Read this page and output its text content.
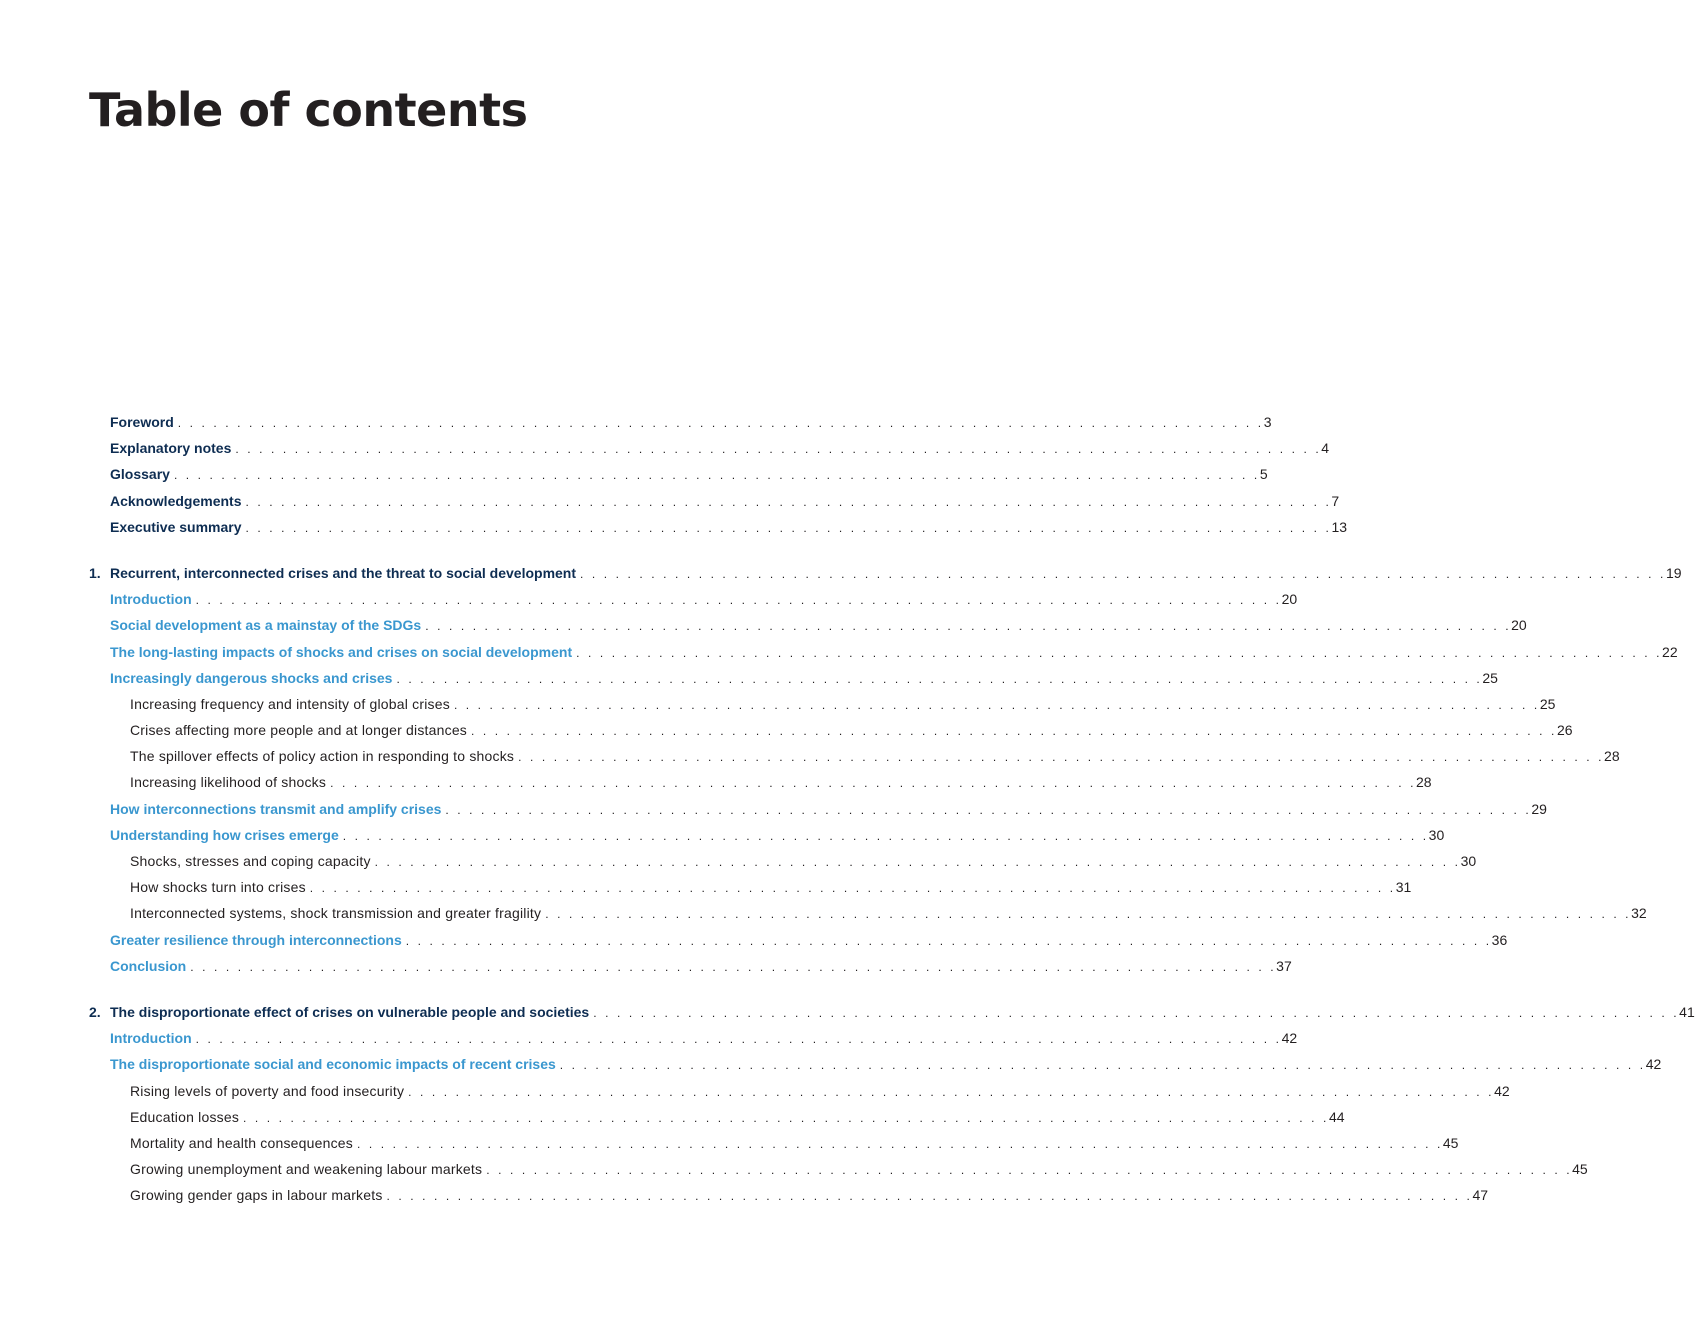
Table of contents
Foreword . . . . . . . . . . . . . . . . . . . . . . . . . . . . . . . . . . . . . . . . . . . . . . . . . . . . . . . . . . . . . . . . . . . . . . . . . . . . . . . . . . . . . . . . . . . . 3
Explanatory notes . . . . . . . . . . . . . . . . . . . . . . . . . . . . . . . . . . . . . . . . . . . . . . . . . . . . . . . . . . . . . . . . . . . . . . . . . . . . . . . . . . . . . . . . . . . . 4
Glossary . . . . . . . . . . . . . . . . . . . . . . . . . . . . . . . . . . . . . . . . . . . . . . . . . . . . . . . . . . . . . . . . . . . . . . . . . . . . . . . . . . . . . . . . . . . . 5
Acknowledgements . . . . . . . . . . . . . . . . . . . . . . . . . . . . . . . . . . . . . . . . . . . . . . . . . . . . . . . . . . . . . . . . . . . . . . . . . . . . . . . . . . . . . . . . . . . . 7
Executive summary . . . . . . . . . . . . . . . . . . . . . . . . . . . . . . . . . . . . . . . . . . . . . . . . . . . . . . . . . . . . . . . . . . . . . . . . . . . . . . . . . . . . . . . . . . . . 13
1. Recurrent, interconnected crises and the threat to social development . . . . . . . . . . . . . . . . . . . . . . . . . . . . . . . . . . . . . . . . . . . . . . . . . . . . . . . . . . . . . . . . . . . . . . . . . . . . . . . . . . . . . . . . . . . . 19
Introduction . . . . . . . . . . . . . . . . . . . . . . . . . . . . . . . . . . . . . . . . . . . . . . . . . . . . . . . . . . . . . . . . . . . . . . . . . . . . . . . . . . . . . . . . . . . . 20
Social development as a mainstay of the SDGs . . . . . . . . . . . . . . . . . . . . . . . . . . . . . . . . . . . . . . . . . . . . . . . . . . . . . . . . . . . . . . . . . . . . . . . . . . . . . . . . . . . . . . . . . . . . 20
The long-lasting impacts of shocks and crises on social development . . . . . . . . . . . . . . . . . . . . . . . . . . . . . . . . . . . . . . . . . . . . . . . . . . . . . . . . . . . . . . . . . . . . . . . . . . . . . . . . . . . . . . . . . . . . 22
Increasingly dangerous shocks and crises . . . . . . . . . . . . . . . . . . . . . . . . . . . . . . . . . . . . . . . . . . . . . . . . . . . . . . . . . . . . . . . . . . . . . . . . . . . . . . . . . . . . . . . . . . . . 25
Increasing frequency and intensity of global crises . . . . . . . . . . . . . . . . . . . . . . . . . . . . . . . . . . . . . . . . . . . . . . . . . . . . . . . . . . . . . . . . . . . . . . . . . . . . . . . . . . . . . . . . . . . . 25
Crises affecting more people and at longer distances . . . . . . . . . . . . . . . . . . . . . . . . . . . . . . . . . . . . . . . . . . . . . . . . . . . . . . . . . . . . . . . . . . . . . . . . . . . . . . . . . . . . . . . . . . . . 26
The spillover effects of policy action in responding to shocks . . . . . . . . . . . . . . . . . . . . . . . . . . . . . . . . . . . . . . . . . . . . . . . . . . . . . . . . . . . . . . . . . . . . . . . . . . . . . . . . . . . . . . . . . . . . 28
Increasing likelihood of shocks . . . . . . . . . . . . . . . . . . . . . . . . . . . . . . . . . . . . . . . . . . . . . . . . . . . . . . . . . . . . . . . . . . . . . . . . . . . . . . . . . . . . . . . . . . . . 28
How interconnections transmit and amplify crises . . . . . . . . . . . . . . . . . . . . . . . . . . . . . . . . . . . . . . . . . . . . . . . . . . . . . . . . . . . . . . . . . . . . . . . . . . . . . . . . . . . . . . . . . . . . 29
Understanding how crises emerge . . . . . . . . . . . . . . . . . . . . . . . . . . . . . . . . . . . . . . . . . . . . . . . . . . . . . . . . . . . . . . . . . . . . . . . . . . . . . . . . . . . . . . . . . . . . 30
Shocks, stresses and coping capacity . . . . . . . . . . . . . . . . . . . . . . . . . . . . . . . . . . . . . . . . . . . . . . . . . . . . . . . . . . . . . . . . . . . . . . . . . . . . . . . . . . . . . . . . . . . . 30
How shocks turn into crises . . . . . . . . . . . . . . . . . . . . . . . . . . . . . . . . . . . . . . . . . . . . . . . . . . . . . . . . . . . . . . . . . . . . . . . . . . . . . . . . . . . . . . . . . . . . 31
Interconnected systems, shock transmission and greater fragility . . . . . . . . . . . . . . . . . . . . . . . . . . . . . . . . . . . . . . . . . . . . . . . . . . . . . . . . . . . . . . . . . . . . . . . . . . . . . . . . . . . . . . . . . . . . 32
Greater resilience through interconnections . . . . . . . . . . . . . . . . . . . . . . . . . . . . . . . . . . . . . . . . . . . . . . . . . . . . . . . . . . . . . . . . . . . . . . . . . . . . . . . . . . . . . . . . . . . . 36
Conclusion . . . . . . . . . . . . . . . . . . . . . . . . . . . . . . . . . . . . . . . . . . . . . . . . . . . . . . . . . . . . . . . . . . . . . . . . . . . . . . . . . . . . . . . . . . . . 37
2. The disproportionate effect of crises on vulnerable people and societies . . . . . . . . . . . . . . . . . . . . . . . . . . . . . . . . . . . . . . . . . . . . . . . . . . . . . . . . . . . . . . . . . . . . . . . . . . . . . . . . . . . . . . . . . . . . 41
Introduction . . . . . . . . . . . . . . . . . . . . . . . . . . . . . . . . . . . . . . . . . . . . . . . . . . . . . . . . . . . . . . . . . . . . . . . . . . . . . . . . . . . . . . . . . . . . 42
The disproportionate social and economic impacts of recent crises . . . . . . . . . . . . . . . . . . . . . . . . . . . . . . . . . . . . . . . . . . . . . . . . . . . . . . . . . . . . . . . . . . . . . . . . . . . . . . . . . . . . . . . . . . . . 42
Rising levels of poverty and food insecurity . . . . . . . . . . . . . . . . . . . . . . . . . . . . . . . . . . . . . . . . . . . . . . . . . . . . . . . . . . . . . . . . . . . . . . . . . . . . . . . . . . . . . . . . . . . . 42
Education losses . . . . . . . . . . . . . . . . . . . . . . . . . . . . . . . . . . . . . . . . . . . . . . . . . . . . . . . . . . . . . . . . . . . . . . . . . . . . . . . . . . . . . . . . . . . . 44
Mortality and health consequences . . . . . . . . . . . . . . . . . . . . . . . . . . . . . . . . . . . . . . . . . . . . . . . . . . . . . . . . . . . . . . . . . . . . . . . . . . . . . . . . . . . . . . . . . . . . 45
Growing unemployment and weakening labour markets . . . . . . . . . . . . . . . . . . . . . . . . . . . . . . . . . . . . . . . . . . . . . . . . . . . . . . . . . . . . . . . . . . . . . . . . . . . . . . . . . . . . . . . . . . . . 45
Growing gender gaps in labour markets . . . . . . . . . . . . . . . . . . . . . . . . . . . . . . . . . . . . . . . . . . . . . . . . . . . . . . . . . . . . . . . . . . . . . . . . . . . . . . . . . . . . . . . . . . . . 47
